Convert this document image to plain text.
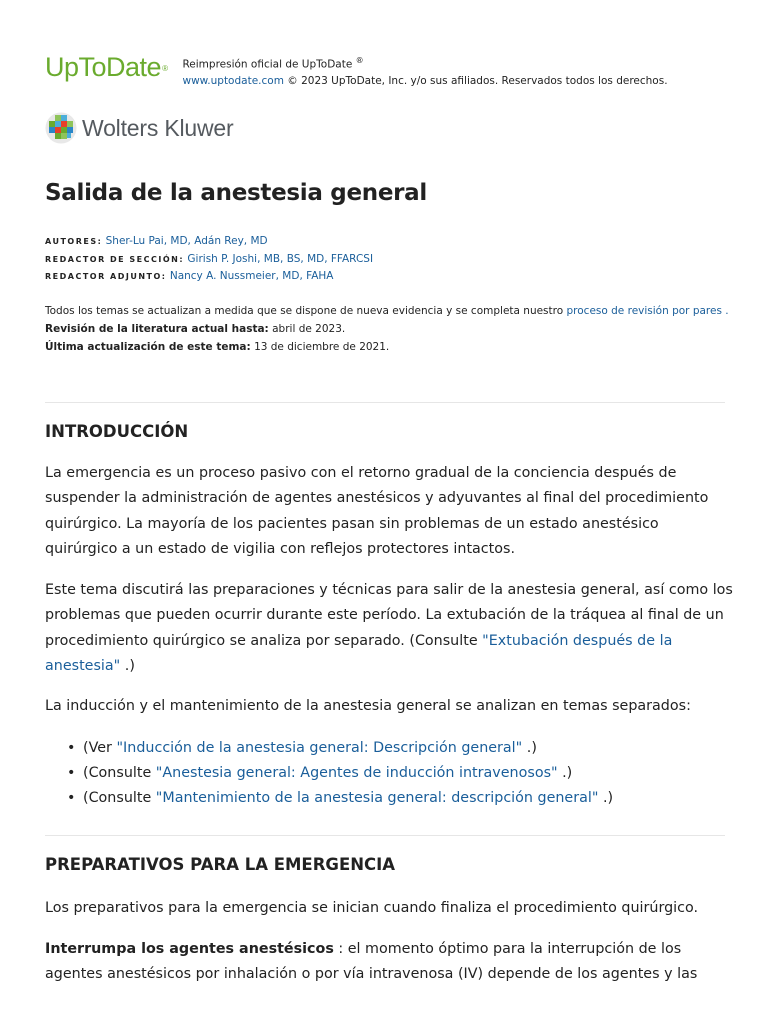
UpToDate® Reimpresión oficial de UpToDate ®
www.uptodate.com © 2023 UpToDate, Inc. y/o sus afiliados. Reservados todos los derechos.
Wolters Kluwer
Salida de la anestesia general
AUTORES: Sher-Lu Pai, MD, Adán Rey, MD
REDACTOR DE SECCIÓN: Girish P. Joshi, MB, BS, MD, FFARCSI
REDACTOR ADJUNTO: Nancy A. Nussmeier, MD, FAHA
Todos los temas se actualizan a medida que se dispone de nueva evidencia y se completa nuestro proceso de revisión por pares .
Revisión de la literatura actual hasta: abril de 2023.
Última actualización de este tema: 13 de diciembre de 2021.
INTRODUCCIÓN

La emergencia es un proceso pasivo con el retorno gradual de la conciencia después de suspender la administración de agentes anestésicos y adyuvantes al final del procedimiento quirúrgico. La mayoría de los pacientes pasan sin problemas de un estado anestésico quirúrgico a un estado de vigilia con reflejos protectores intactos.

Este tema discutirá las preparaciones y técnicas para salir de la anestesia general, así como los problemas que pueden ocurrir durante este período. La extubación de la tráquea al final de un procedimiento quirúrgico se analiza por separado. (Consulte "Extubación después de la anestesia" .)

La inducción y el mantenimiento de la anestesia general se analizan en temas separados:

• (Ver "Inducción de la anestesia general: Descripción general" .)
• (Consulte "Anestesia general: Agentes de inducción intravenosos" .)
• (Consulte "Mantenimiento de la anestesia general: descripción general" .)
PREPARATIVOS PARA LA EMERGENCIA

Los preparativos para la emergencia se inician cuando finaliza el procedimiento quirúrgico.

Interrumpa los agentes anestésicos : el momento óptimo para la interrupción de los agentes anestésicos por inhalación o por vía intravenosa (IV) depende de los agentes y las
